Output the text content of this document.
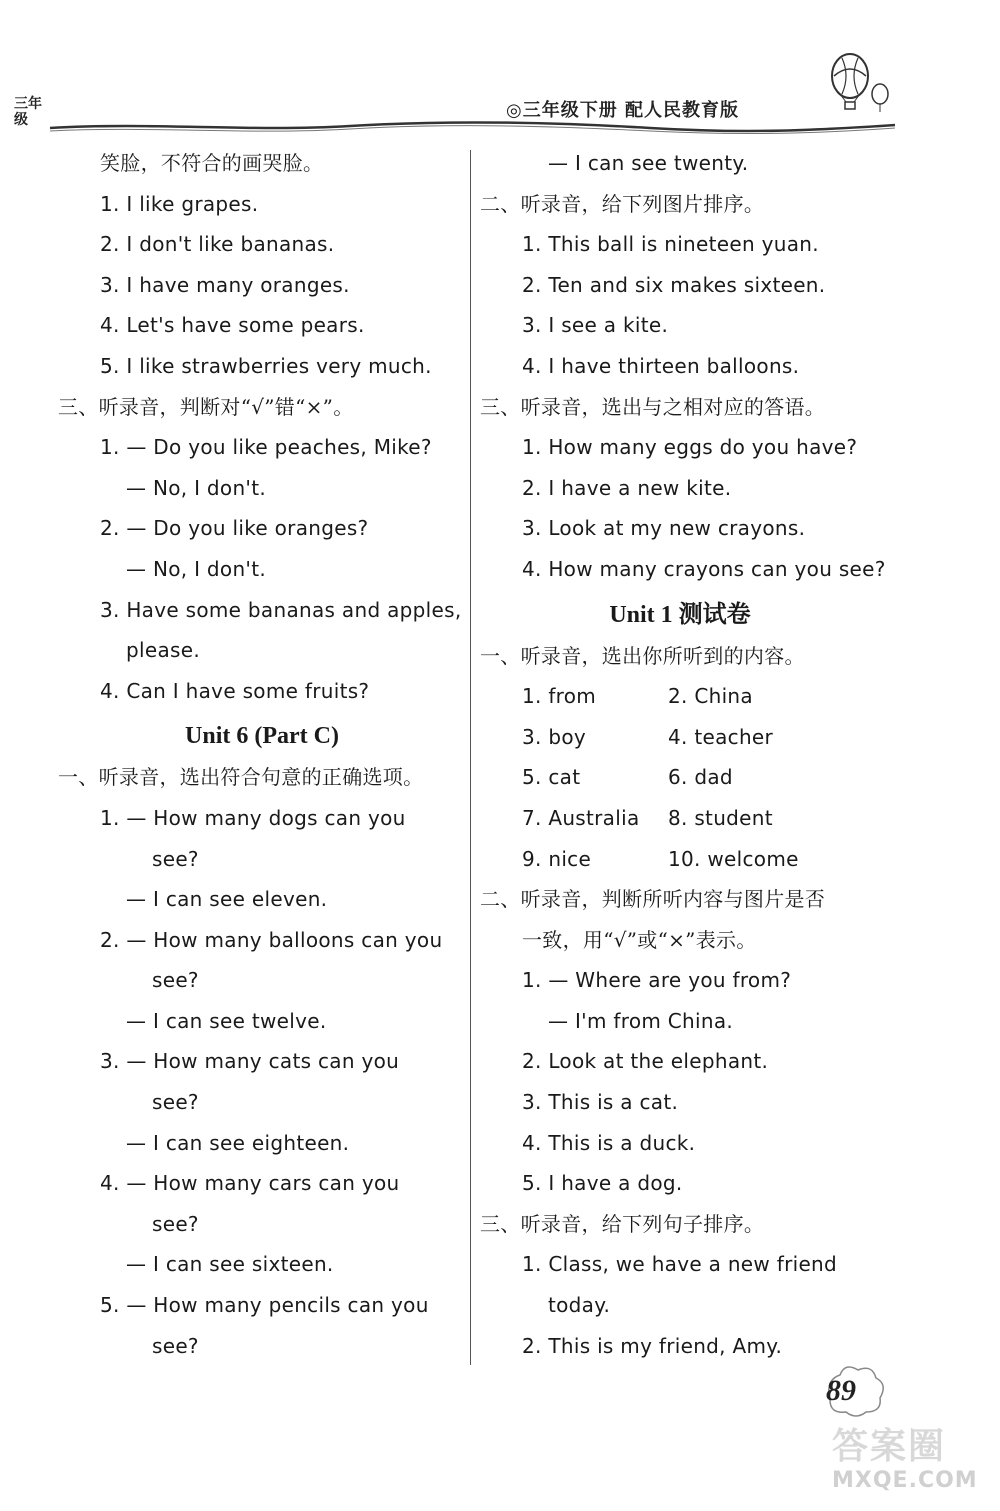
三年级	◎三年级下册 配人民教育版
笑脸，不符合的画哭脸。
1. I like grapes.
2. I don't like bananas.
3. I have many oranges.
4. Let's have some pears.
5. I like strawberries very much.
三、听录音，判断对“√”错“×”。
1. — Do you like peaches, Mike?
— No, I don't.
2. — Do you like oranges?
— No, I don't.
3. Have some bananas and apples,
please.
4. Can I have some fruits?
Unit 6 (Part C)
一、听录音，选出符合句意的正确选项。
1. — How many dogs can you
see?
— I can see eleven.
2. — How many balloons can you
see?
— I can see twelve.
3. — How many cats can you
see?
— I can see eighteen.
4. — How many cars can you
see?
— I can see sixteen.
5. — How many pencils can you
see?
— I can see twenty.
二、听录音，给下列图片排序。
1. This ball is nineteen yuan.
2. Ten and six makes sixteen.
3. I see a kite.
4. I have thirteen balloons.
三、听录音，选出与之相对应的答语。
1. How many eggs do you have?
2. I have a new kite.
3. Look at my new crayons.
4. How many crayons can you see?
Unit 1 测试卷
一、听录音，选出你所听到的内容。
1. from	2. China
3. boy	4. teacher
5. cat	6. dad
7. Australia	8. student
9. nice	10. welcome
二、听录音，判断所听内容与图片是否
一致，用“√”或“×”表示。
1. — Where are you from?
— I'm from China.
2. Look at the elephant.
3. This is a cat.
4. This is a duck.
5. I have a dog.
三、听录音，给下列句子排序。
1. Class, we have a new friend
today.
2. This is my friend, Amy.
89
答案圈
MXQE.COM
